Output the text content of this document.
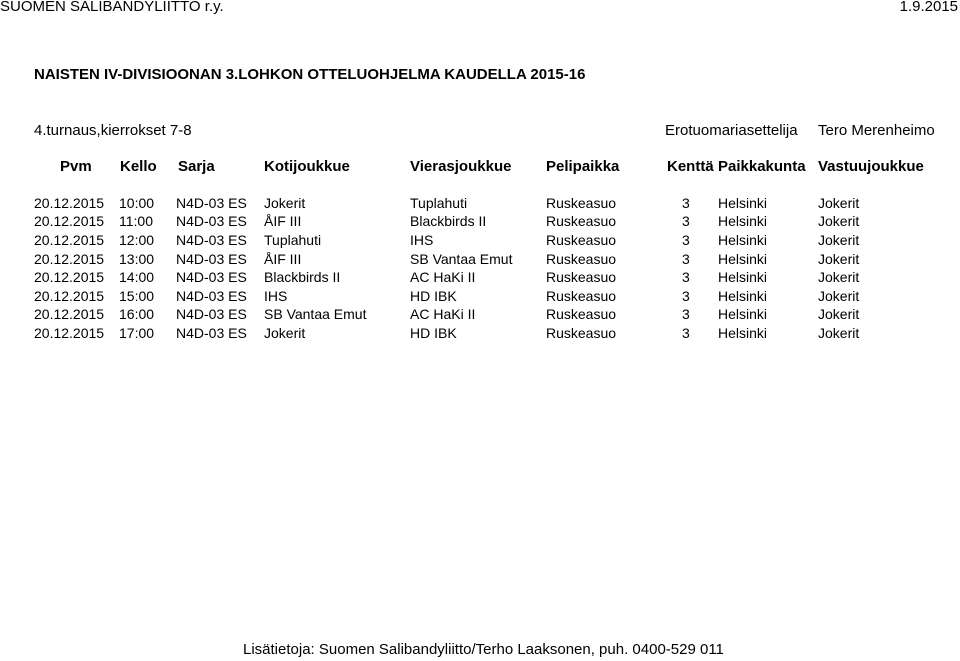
SUOMEN SALIBANDYLIITTO r.y.	1.9.2015
NAISTEN IV-DIVISIOONAN 3.LOHKON OTTELUOHJELMA KAUDELLA 2015-16
4.turnaus,kierrokset 7-8	Erotuomariasettelija Tero Merenheimo
Pvm Kello Sarja	Kotijoukkue	Vierasjoukkue Pelipaikka	Kenttä Paikkakunta Vastuujoukkue
20.12.2015 10:00 N4D-03 ES Jokerit	Tuplahuti	Ruskeasuo	3 Helsinki	Jokerit
20.12.2015 11:00 N4D-03 ES ÅIF III	Blackbirds II	Ruskeasuo	3 Helsinki	Jokerit
20.12.2015 12:00 N4D-03 ES Tuplahuti	IHS	Ruskeasuo	3 Helsinki	Jokerit
20.12.2015 13:00 N4D-03 ES ÅIF III	SB Vantaa Emut Ruskeasuo	3 Helsinki	Jokerit
20.12.2015 14:00 N4D-03 ES Blackbirds II	AC HaKi II	Ruskeasuo	3 Helsinki	Jokerit
20.12.2015 15:00 N4D-03 ES IHS	HD IBK	Ruskeasuo	3 Helsinki	Jokerit
20.12.2015 16:00 N4D-03 ES SB Vantaa Emut	AC HaKi II	Ruskeasuo	3 Helsinki	Jokerit
20.12.2015 17:00 N4D-03 ES Jokerit	HD IBK	Ruskeasuo	3 Helsinki	Jokerit
Lisätietoja: Suomen Salibandyliitto/Terho Laaksonen, puh. 0400-529 011
